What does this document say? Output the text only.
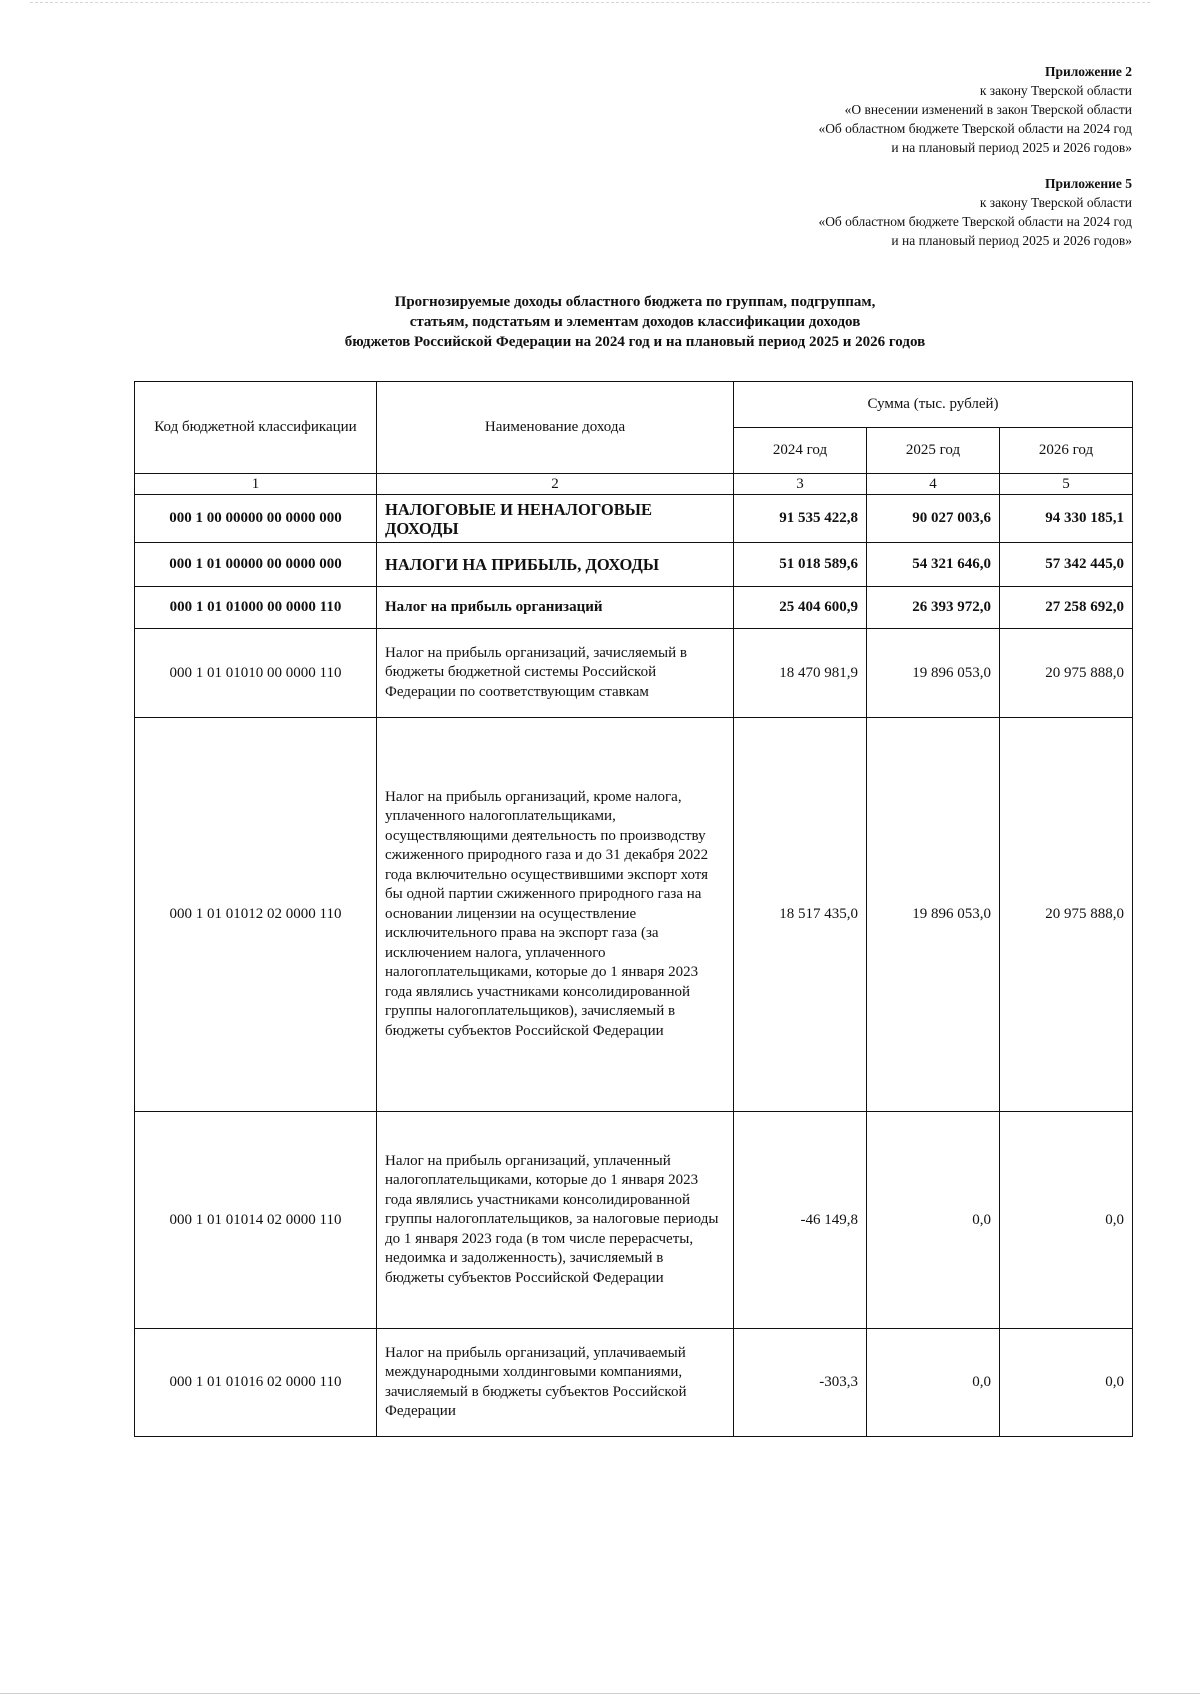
Приложение 2
к закону Тверской области
«О внесении изменений в закон Тверской области
«Об областном бюджете Тверской области на 2024 год
и на плановый период 2025 и 2026 годов»
Приложение 5
к закону Тверской области
«Об областном бюджете Тверской области на 2024 год
и на плановый период 2025 и 2026 годов»
Прогнозируемые доходы областного бюджета по группам, подгруппам,
статьям, подстатьям и элементам доходов классификации доходов
бюджетов Российской Федерации на 2024 год и на плановый период 2025 и 2026 годов
Код бюджетной классификации	Наименование дохода	Сумма (тыс. рублей)		
		2024 год	2025 год	2026 год
1	2	3	4	5
000 1 00 00000 00 0000 000	НАЛОГОВЫЕ И НЕНАЛОГОВЫЕ ДОХОДЫ	91 535 422,8	90 027 003,6	94 330 185,1
000 1 01 00000 00 0000 000	НАЛОГИ НА ПРИБЫЛЬ, ДОХОДЫ	51 018 589,6	54 321 646,0	57 342 445,0
000 1 01 01000 00 0000 110	Налог на прибыль организаций	25 404 600,9	26 393 972,0	27 258 692,0
000 1 01 01010 00 0000 110	Налог на прибыль организаций, зачисляемый в бюджеты бюджетной системы Российской Федерации по соответствующим ставкам	18 470 981,9	19 896 053,0	20 975 888,0
000 1 01 01012 02 0000 110	Налог на прибыль организаций, кроме налога, уплаченного налогоплательщиками, осуществляющими деятельность по производству сжиженного природного газа и до 31 декабря 2022 года включительно осуществившими экспорт хотя бы одной партии сжиженного природного газа на основании лицензии на осуществление исключительного права на экспорт газа (за исключением налога, уплаченного налогоплательщиками, которые до 1 января 2023 года являлись участниками консолидированной группы налогоплательщиков), зачисляемый в бюджеты субъектов Российской Федерации	18 517 435,0	19 896 053,0	20 975 888,0
000 1 01 01014 02 0000 110	Налог на прибыль организаций, уплаченный налогоплательщиками, которые до 1 января 2023 года являлись участниками консолидированной группы налогоплательщиков, за налоговые периоды до 1 января 2023 года (в том числе перерасчеты, недоимка и задолженность), зачисляемый в бюджеты субъектов Российской Федерации	-46 149,8	0,0	0,0
000 1 01 01016 02 0000 110	Налог на прибыль организаций, уплачиваемый международными холдинговыми компаниями, зачисляемый в бюджеты субъектов Российской Федерации	-303,3	0,0	0,0
